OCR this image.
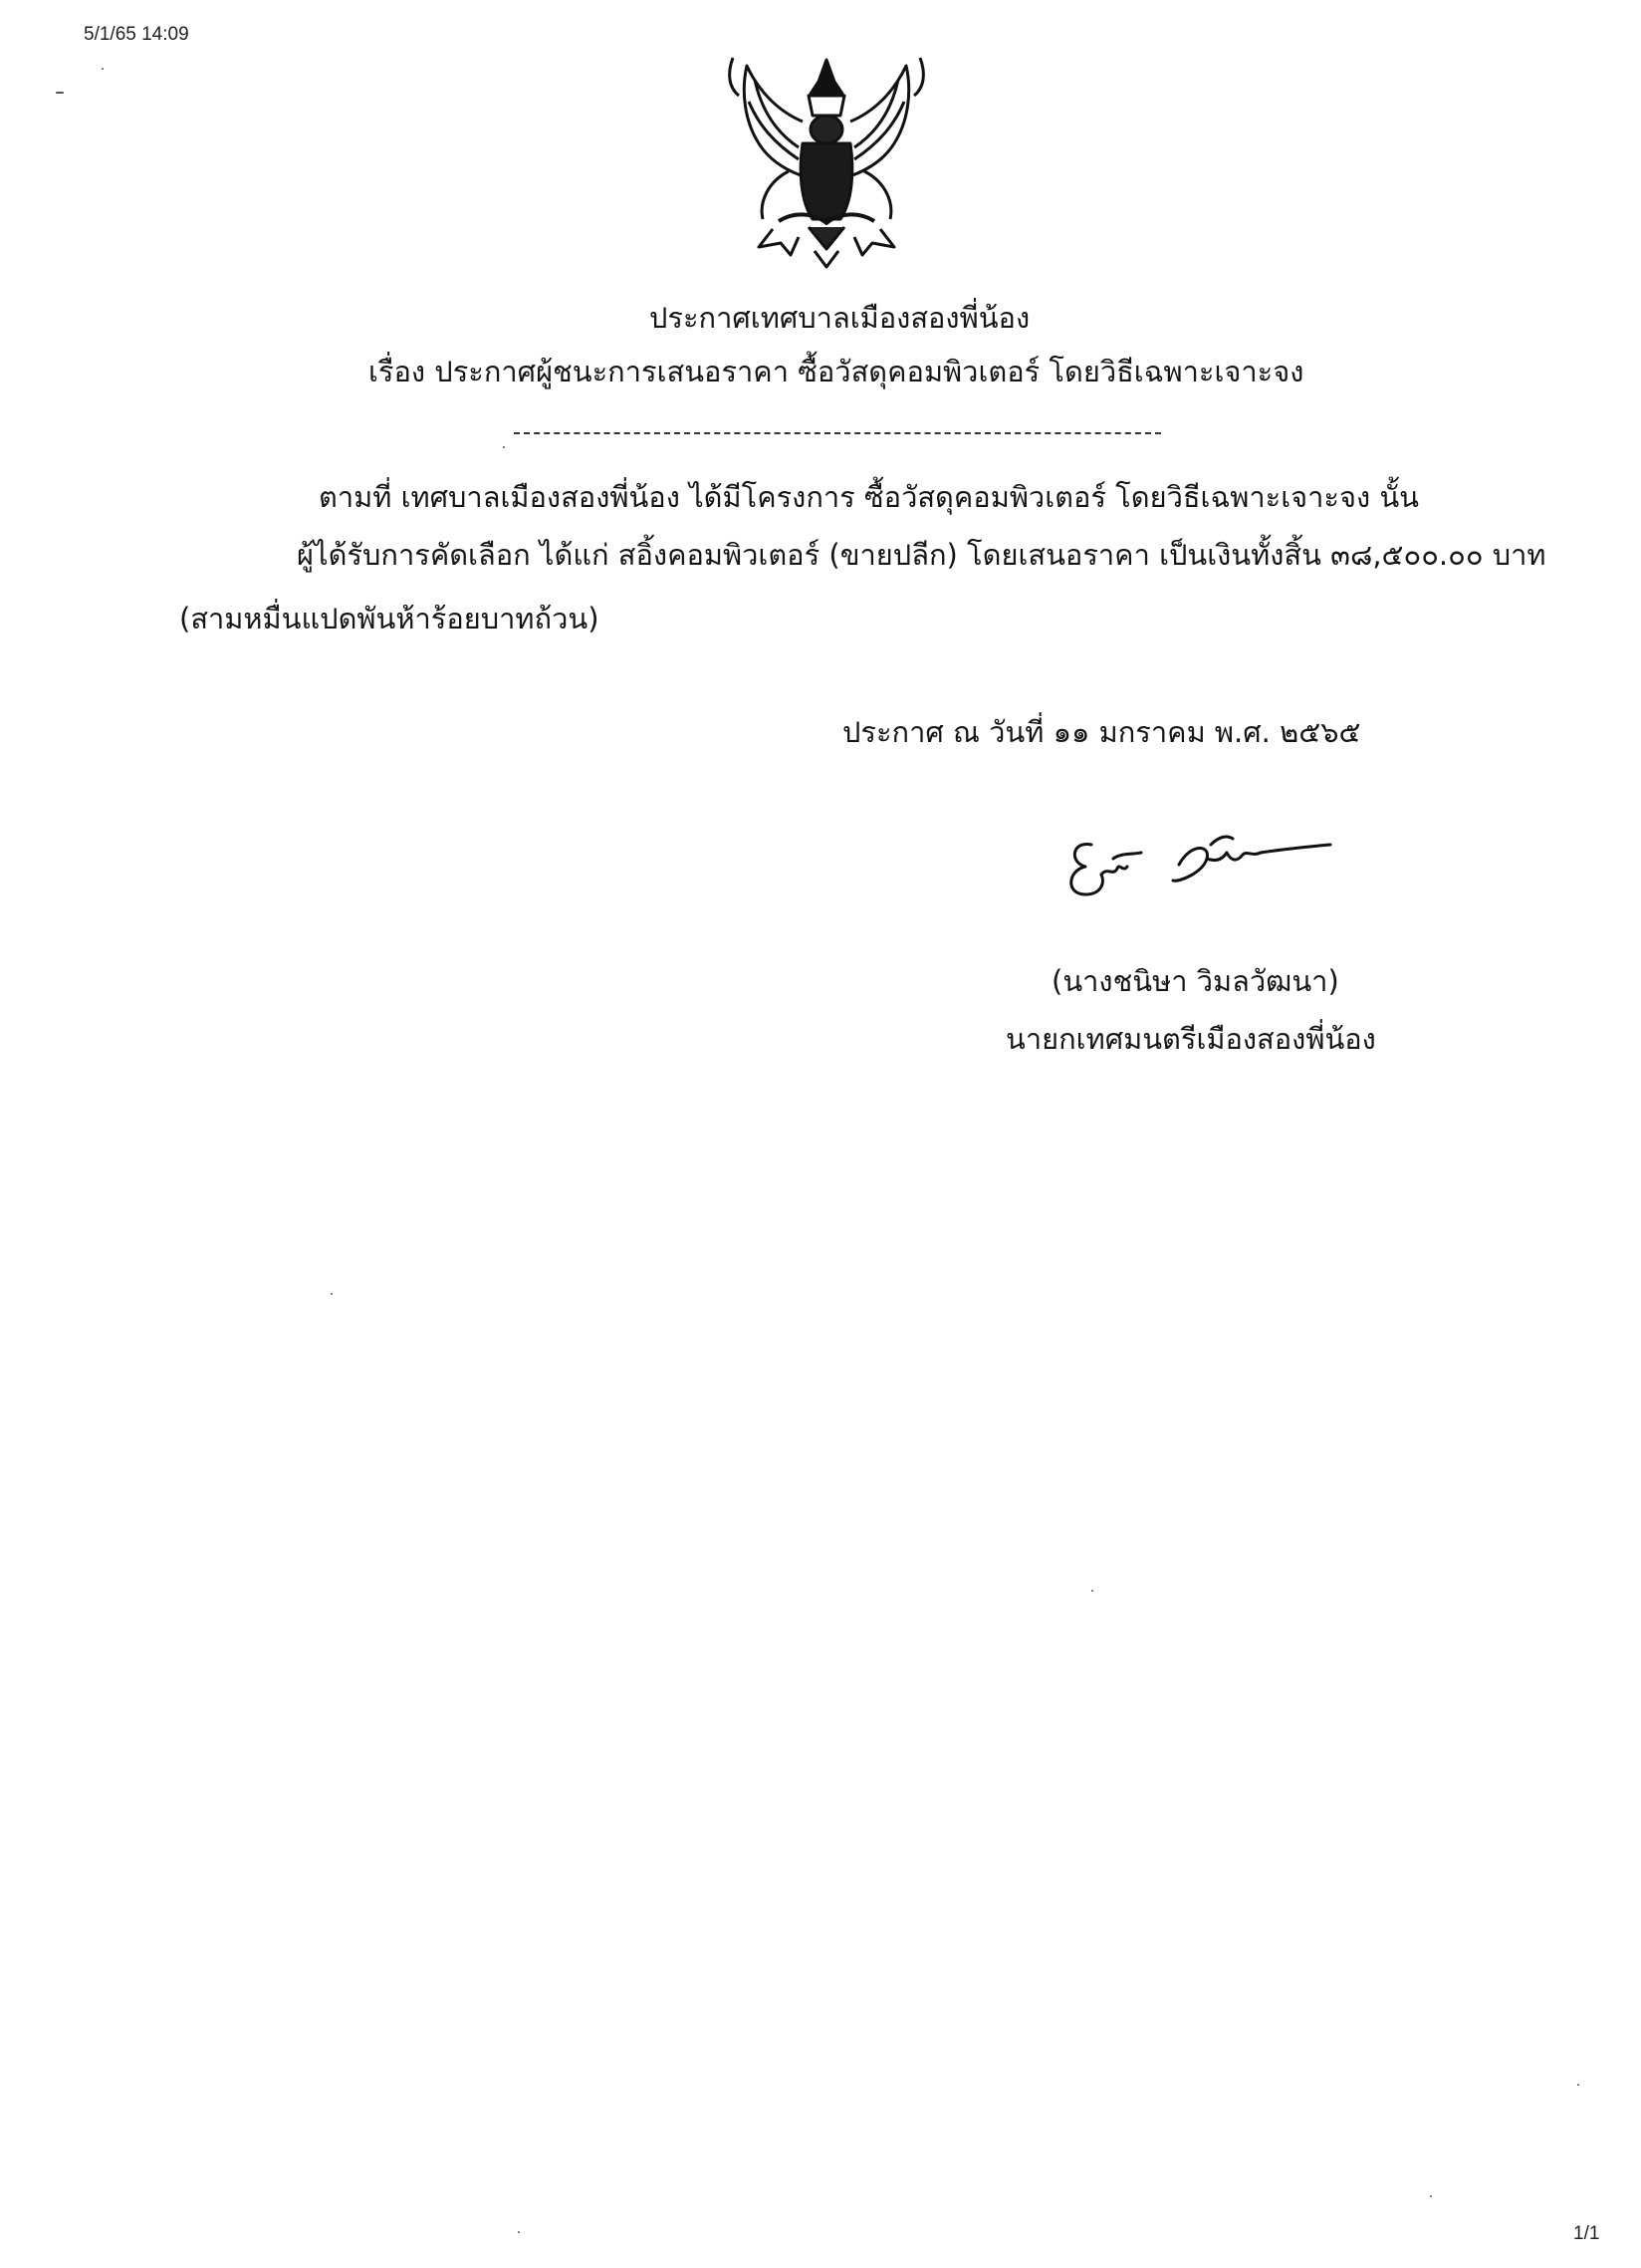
5/1/65 14:09
ประกาศเทศบาลเมืองสองพี่น้อง
เรื่อง ประกาศผู้ชนะการเสนอราคา ซื้อวัสดุคอมพิวเตอร์ โดยวิธีเฉพาะเจาะจง
ตามที่ เทศบาลเมืองสองพี่น้อง ได้มีโครงการ ซื้อวัสดุคอมพิวเตอร์ โดยวิธีเฉพาะเจาะจง นั้น
ผู้ได้รับการคัดเลือก ได้แก่ สอิ้งคอมพิวเตอร์ (ขายปลีก) โดยเสนอราคา เป็นเงินทั้งสิ้น ๓๘,๕๐๐.๐๐ บาท
(สามหมื่นแปดพันห้าร้อยบาทถ้วน)
ประกาศ ณ วันที่ ๑๑ มกราคม พ.ศ. ๒๕๖๕
(นางชนิษา วิมลวัฒนา)
นายกเทศมนตรีเมืองสองพี่น้อง
1/1
